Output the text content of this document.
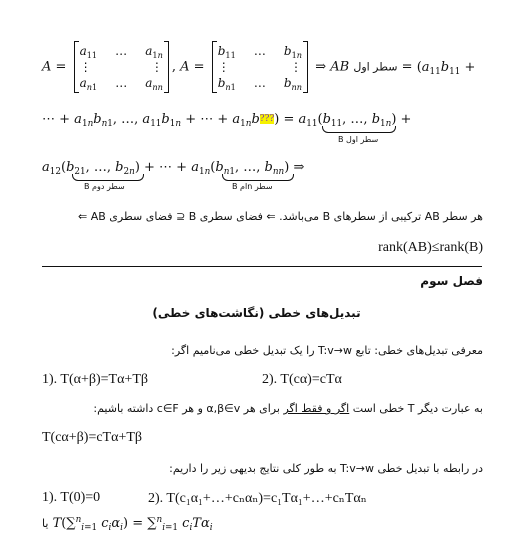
A =
$a_{11}$ … $a_{1n}$
⋮	⋮
$a_{n1}$ … $a_{nn}$
, A =
$b_{11}$ … $b_{1n}$
⋮	⋮
$b_{n1}$ … $b_{nn}$
⇒ AB سطر اول = ($a_{11}b_{11}$ +
⋯ + $a_{1n}b_{n1}$, …, $a_{11}b_{1n}$ + ⋯ + $a_{1n}b???) = a_{11}(b_{11}$, …, $b_{1n}$) +
سطر اول B
$a_{12}(b_{21}$, …, $b_{2n}$) + ⋯ + $a_{1n}(b_{n1}$, …, $b_{nn}$) ⇒
سطر دوم B	سطر nام B
هر سطر AB ترکیبی از سطرهای B می‌باشد. ⇐ فضای سطری B ⊆ فضای سطری AB ⇐
rank(AB)≤rank(B)
فصل سوم
تبدیل‌های خطی (نگاشت‌های خطی)
معرفی تبدیل‌های خطی: تابع T:v→w را یک تبدیل خطی می‌نامیم اگر:
1). T(α+β)=Tα+Tβ	2). T(cα)=cTα
به عبارت دیگر T خطی است اگر و فقط اگر برای هر α,β∈v و هر c∈F داشته باشیم:
T(cα+β)=cTα+Tβ
در رابطه با تبدیل خطی T:v→w به طور کلی نتایج بدیهی زیر را داریم:
1). T(0)=0	2). T(c₁α₁+…+cₙαₙ)=c₁Tα₁+…+cₙTαₙ
یا T(∑$^n_{i=1}$ $c_i\alpha_i) = \sum^n_{i=1}$ $c_iT\alpha_i$
